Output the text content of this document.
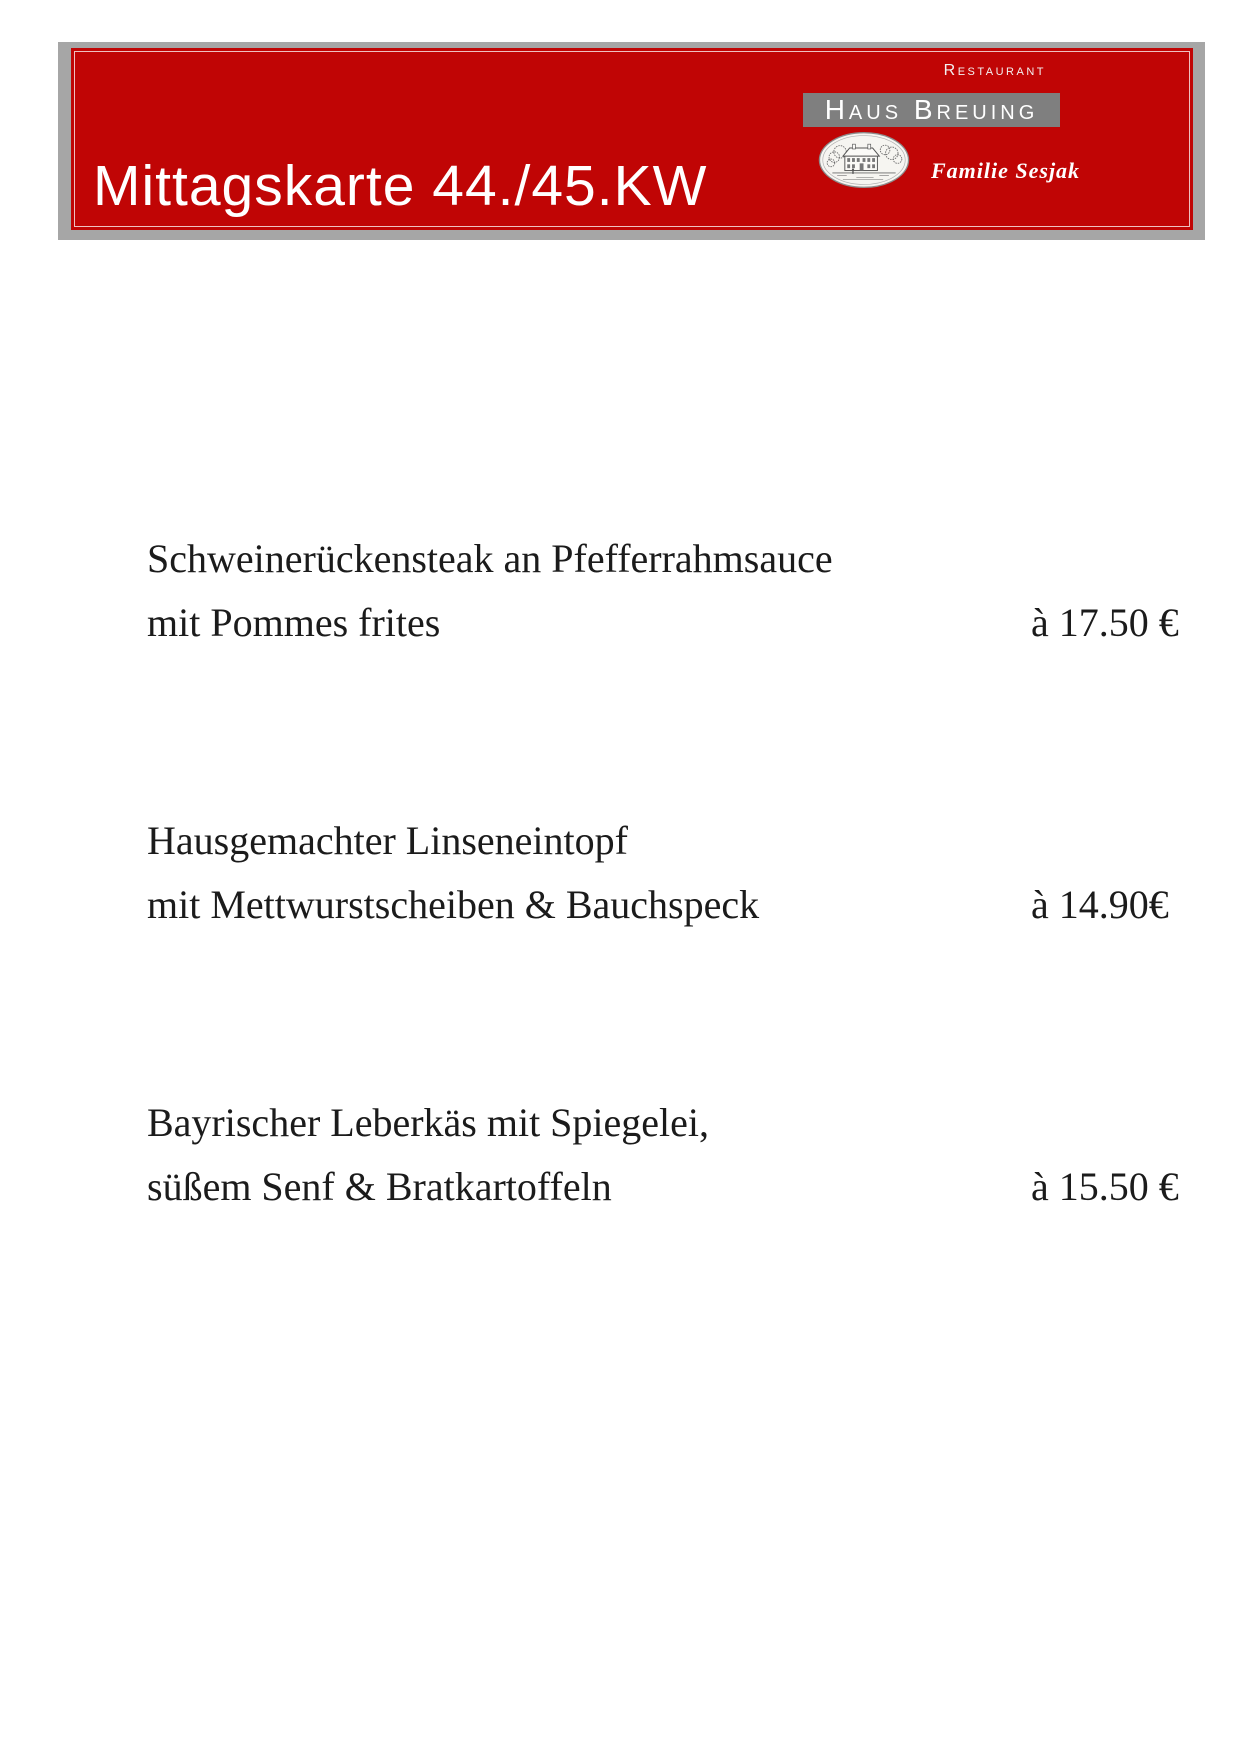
Mittagskarte 44./45.KW
Restaurant
Haus Breuing
Familie Sesjak
Schweinerückensteak an Pfefferrahmsauce
mit Pommes frites	à 17.50 €
Hausgemachter Linseneintopf
mit Mettwurstscheiben & Bauchspeck	à 14.90€
Bayrischer Leberkäs mit Spiegelei,
süßem Senf & Bratkartoffeln	à 15.50 €
